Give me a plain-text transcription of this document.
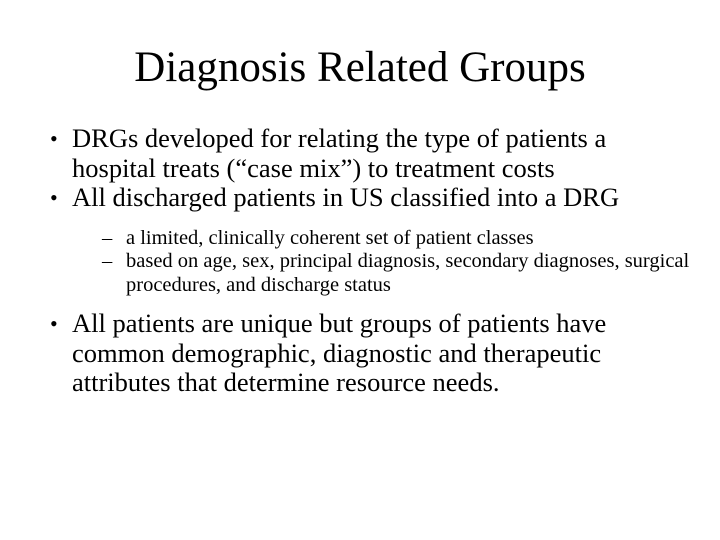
Diagnosis Related Groups
• DRGs developed for relating the type of patients a hospital treats (“case mix”) to treatment costs
• All discharged patients in US classified into a DRG
– a limited, clinically coherent set of patient classes
– based on age, sex, principal diagnosis, secondary diagnoses, surgical procedures, and discharge status
• All patients are unique but groups of patients have common demographic, diagnostic and therapeutic attributes that determine resource needs.
